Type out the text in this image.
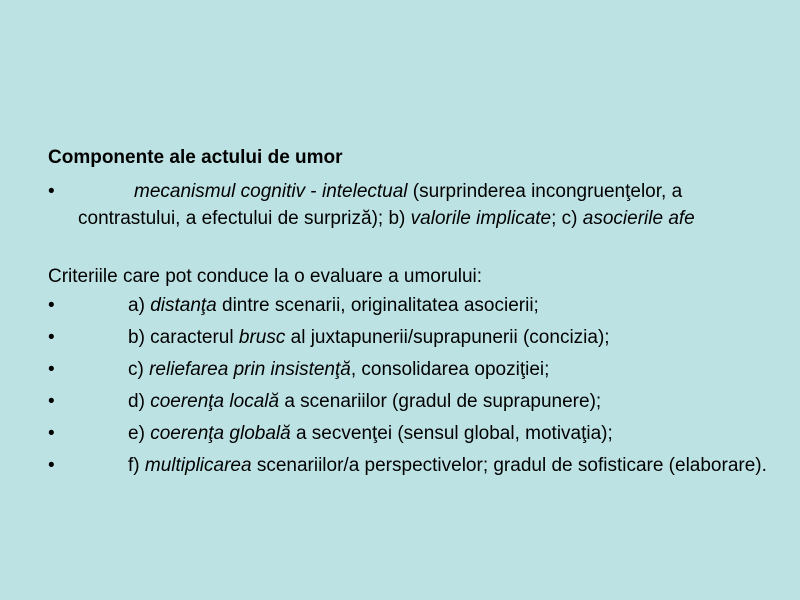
Componente ale actului de umor
•	mecanismul cognitiv - intelectual (surprinderea incongruenţelor, a contrastului, a efectului de surpriză); b) valorile implicate; c) asocierile afe
Criteriile care pot conduce la o evaluare a umorului:
•	a) distanţa dintre scenarii, originalitatea asocierii;
•	b) caracterul brusc al juxtapunerii/suprapunerii (concizia);
•	c) reliefarea prin insistenţă, consolidarea opoziţiei;
•	d) coerenţa locală a scenariilor (gradul de suprapunere);
•	e) coerenţa globală a secvenţei (sensul global, motivaţia);
•	f) multiplicarea scenariilor/a perspectivelor; gradul de sofisticare (elaborare).
